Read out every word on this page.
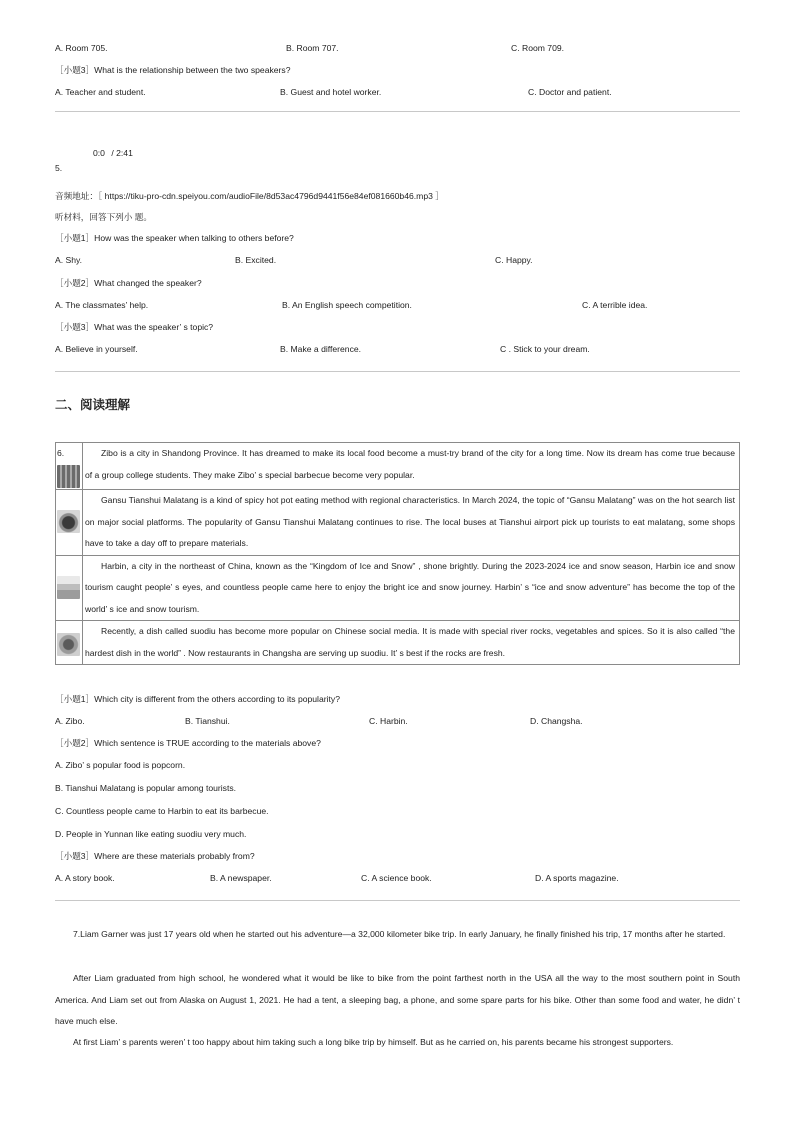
A. Room 705.	B. Room 707.	C. Room 709.
［小题3］What is the relationship between the two speakers?
A. Teacher and student.	B. Guest and hotel worker.	C. Doctor and patient.
0:0 / 2:41
5.
音频地址：［ https://tiku-pro-cdn.speiyou.com/audioFile/8d53ac4796d9441f56e84ef081660b46.mp3 ］
听材料，回答下列小 题。
［小题1］How was the speaker when talking to others before?
A. Shy.	B. Excited.	C. Happy.
［小题2］What changed the speaker?
A. The classmates’ help.	B. An English speech competition.	C. A terrible idea.
［小题3］What was the speaker’ s topic?
A. Believe in yourself.	B. Make a difference.	C . Stick to your dream.
二、阅读理解
6.	Zibo is a city in Shandong Province. It has dreamed to make its local food become a must-try brand of the city for a long time. Now its dream has come true because of a group college students. They make Zibo’ s special barbecue become very popular.

	Gansu Tianshui Malatang is a kind of spicy hot pot eating method with regional characteristics. In March 2024, the topic of “Gansu Malatang” was on the hot search list on major social platforms. The popularity of Gansu Tianshui Malatang continues to rise. The local buses at Tianshui airport pick up tourists to eat malatang, some shops have to take a day off to prepare materials.

	Harbin, a city in the northeast of China, known as the “Kingdom of Ice and Snow” , shone brightly. During the 2023-2024 ice and snow season, Harbin ice and snow tourism caught people’ s eyes, and countless people came here to enjoy the bright ice and snow journey. Harbin’ s “ice and snow adventure” has become the top of the world’ s ice and snow tourism.

	Recently, a dish called suodiu has become more popular on Chinese social media. It is made with special river rocks, vegetables and spices. So it is also called “the hardest dish in the world” . Now restaurants in Changsha are serving up suodiu. It’ s best if the rocks are fresh.
［小题1］Which city is different from the others according to its popularity?
A. Zibo.	B. Tianshui.	C. Harbin.	D. Changsha.
［小题2］Which sentence is TRUE according to the materials above?
A. Zibo’ s popular food is popcorn.
B. Tianshui Malatang is popular among tourists.
C. Countless people came to Harbin to eat its barbecue.
D. People in Yunnan like eating suodiu very much.
［小题3］Where are these materials probably from?
A. A story book.	B. A newspaper.	C. A science book.	D. A sports magazine.
7.Liam Garner was just 17 years old when he started out his adventure—a 32,000 kilometer bike trip. In early January, he finally finished his trip, 17 months after he started.
After Liam graduated from high school, he wondered what it would be like to bike from the point farthest north in the USA all the way to the most southern point in South America. And Liam set out from Alaska on August 1, 2021. He had a tent, a sleeping bag, a phone, and some spare parts for his bike. Other than some food and water, he didn’ t have much else.
At first Liam’ s parents weren’ t too happy about him taking such a long bike trip by himself. But as he carried on, his parents became his strongest supporters.
